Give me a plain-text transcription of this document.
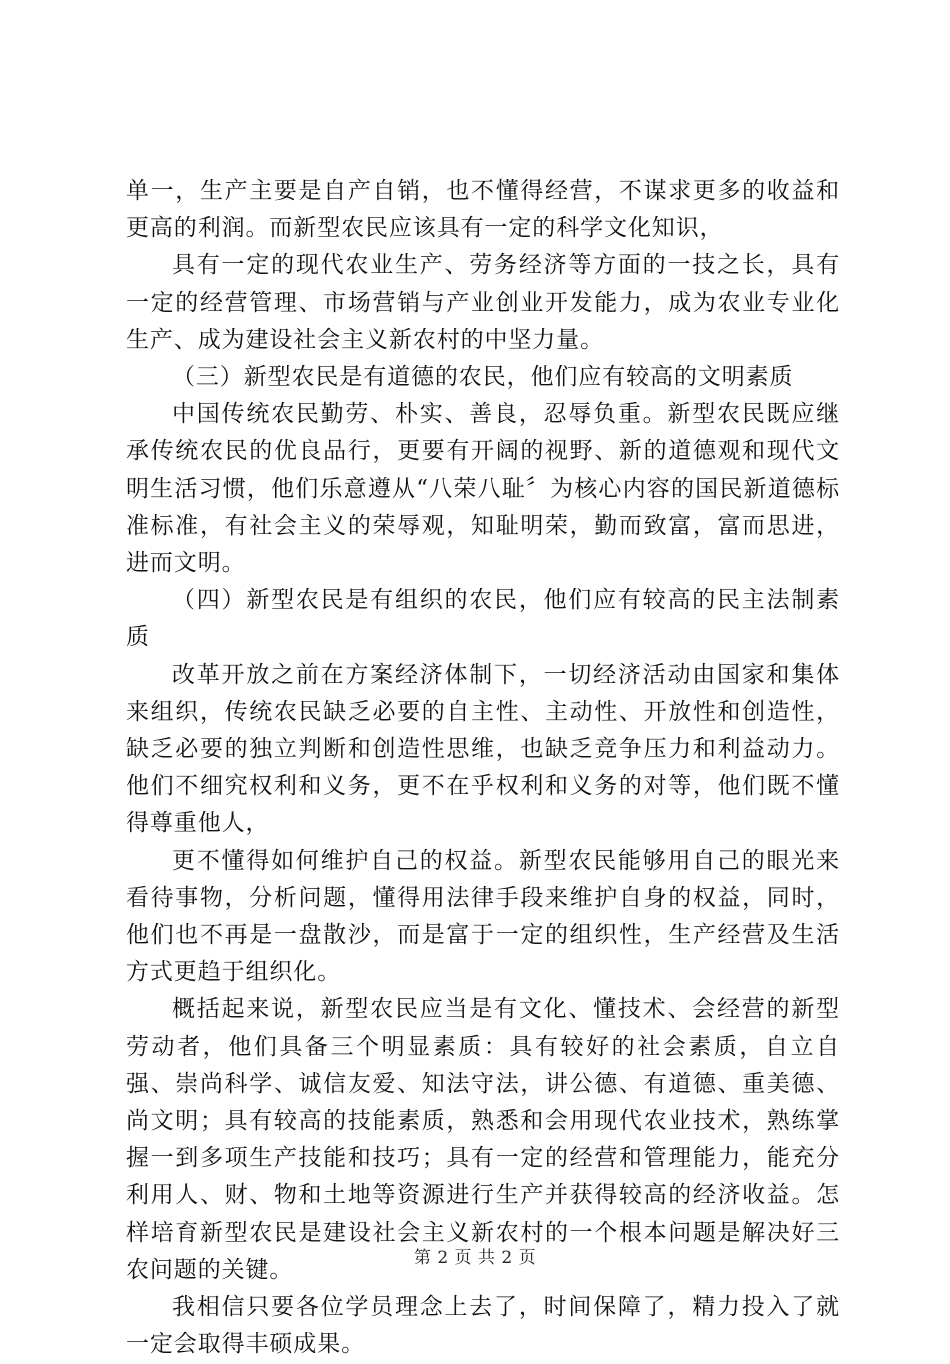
单一，生产主要是自产自销，也不懂得经营，不谋求更多的收益和更高的利润。而新型农民应该具有一定的科学文化知识，

具有一定的现代农业生产、劳务经济等方面的一技之长，具有一定的经营管理、市场营销与产业创业开发能力，成为农业专业化生产、成为建设社会主义新农村的中坚力量。

（三）新型农民是有道德的农民，他们应有较高的文明素质

中国传统农民勤劳、朴实、善良，忍辱负重。新型农民既应继承传统农民的优良品行，更要有开阔的视野、新的道德观和现代文明生活习惯，他们乐意遵从“八荣八耻〞为核心内容的国民新道德标准标准，有社会主义的荣辱观，知耻明荣，勤而致富，富而思进，进而文明。

（四）新型农民是有组织的农民，他们应有较高的民主法制素质

改革开放之前在方案经济体制下，一切经济活动由国家和集体来组织，传统农民缺乏必要的自主性、主动性、开放性和创造性，缺乏必要的独立判断和创造性思维，也缺乏竞争压力和利益动力。他们不细究权利和义务，更不在乎权利和义务的对等，他们既不懂得尊重他人，

更不懂得如何维护自己的权益。新型农民能够用自己的眼光来看待事物，分析问题，懂得用法律手段来维护自身的权益，同时，他们也不再是一盘散沙，而是富于一定的组织性，生产经营及生活方式更趋于组织化。

概括起来说，新型农民应当是有文化、懂技术、会经营的新型劳动者，他们具备三个明显素质：具有较好的社会素质，自立自强、崇尚科学、诚信友爱、知法守法，讲公德、有道德、重美德、尚文明；具有较高的技能素质，熟悉和会用现代农业技术，熟练掌握一到多项生产技能和技巧；具有一定的经营和管理能力，能充分利用人、财、物和土地等资源进行生产并获得较高的经济收益。怎样培育新型农民是建设社会主义新农村的一个根本问题是解决好三农问题的关键。

我相信只要各位学员理念上去了，时间保障了，精力投入了就一定会取得丰硕成果。

第 2 页 共 2 页
